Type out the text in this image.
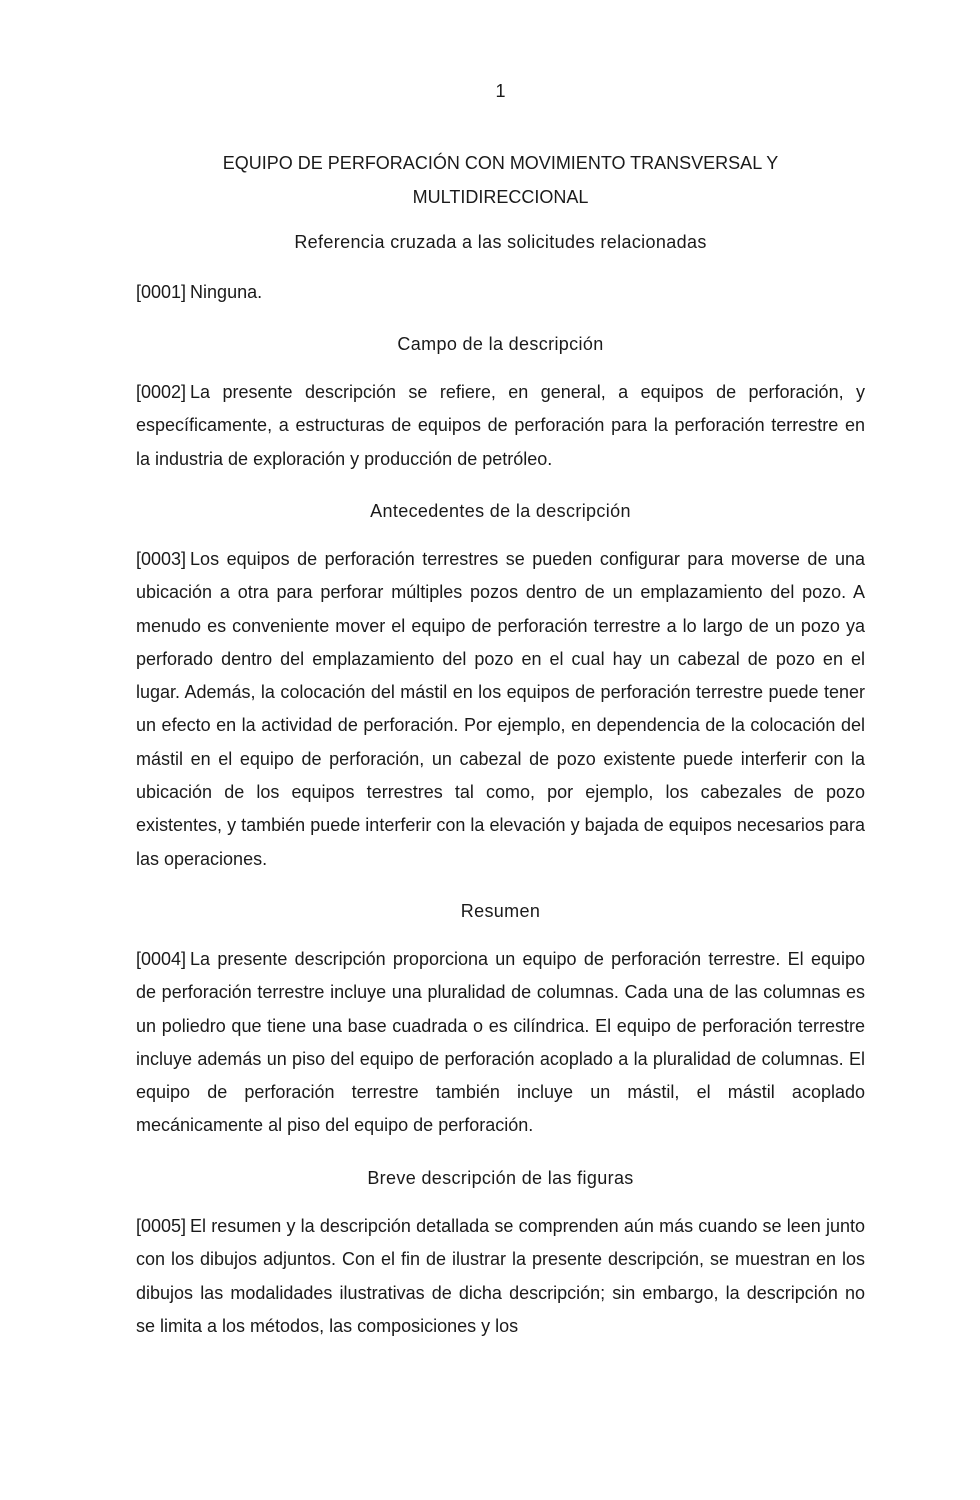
1
EQUIPO DE PERFORACIÓN CON MOVIMIENTO TRANSVERSAL Y
MULTIDIRECCIONAL
Referencia cruzada a las solicitudes relacionadas

[0001] Ninguna.

Campo de la descripción

[0002] La presente descripción se refiere, en general, a equipos de perforación, y específicamente, a estructuras de equipos de perforación para la perforación terrestre en la industria de exploración y producción de petróleo.

Antecedentes de la descripción

[0003] Los equipos de perforación terrestres se pueden configurar para moverse de una ubicación a otra para perforar múltiples pozos dentro de un emplazamiento del pozo. A menudo es conveniente mover el equipo de perforación terrestre a lo largo de un pozo ya perforado dentro del emplazamiento del pozo en el cual hay un cabezal de pozo en el lugar. Además, la colocación del mástil en los equipos de perforación terrestre puede tener un efecto en la actividad de perforación. Por ejemplo, en dependencia de la colocación del mástil en el equipo de perforación, un cabezal de pozo existente puede interferir con la ubicación de los equipos terrestres tal como, por ejemplo, los cabezales de pozo existentes, y también puede interferir con la elevación y bajada de equipos necesarios para las operaciones.

Resumen

[0004] La presente descripción proporciona un equipo de perforación terrestre. El equipo de perforación terrestre incluye una pluralidad de columnas. Cada una de las columnas es un poliedro que tiene una base cuadrada o es cilíndrica. El equipo de perforación terrestre incluye además un piso del equipo de perforación acoplado a la pluralidad de columnas. El equipo de perforación terrestre también incluye un mástil, el mástil acoplado mecánicamente al piso del equipo de perforación.

Breve descripción de las figuras

[0005] El resumen y la descripción detallada se comprenden aún más cuando se leen junto con los dibujos adjuntos. Con el fin de ilustrar la presente descripción, se muestran en los dibujos las modalidades ilustrativas de dicha descripción; sin embargo, la descripción no se limita a los métodos, las composiciones y los
